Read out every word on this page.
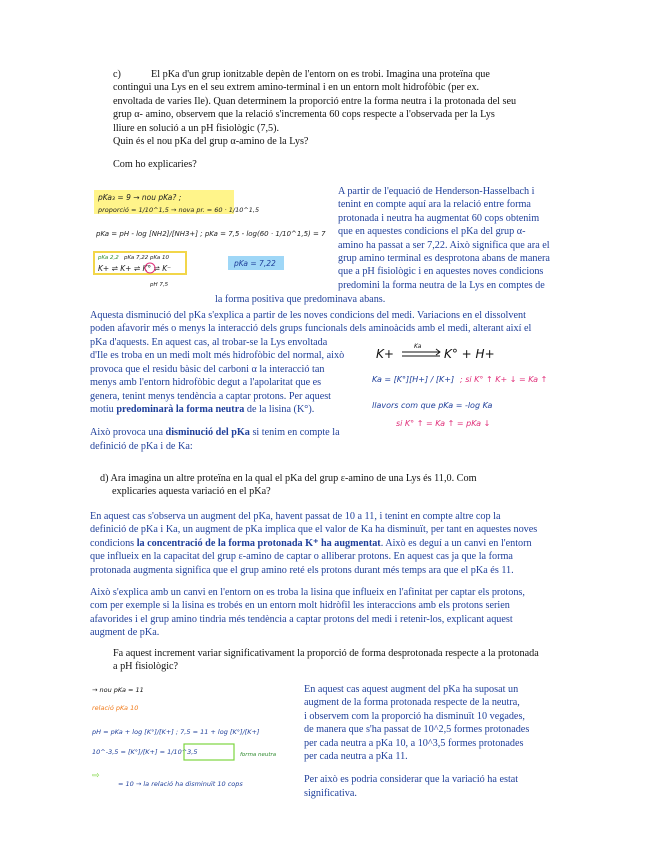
c)	El pKa d'un grup ionitzable depèn de l'entorn on es trobi. Imagina una proteïna que

contingui una Lys en el seu extrem amino-terminal i en un entorn molt hidrofòbic (per ex.

envoltada de varies Ile). Quan determinem la proporció entre la forma neutra i la protonada del seu

grup α- amino, observem que la relació s'incrementa 60 cops respecte a l'observada per la Lys

lliure en solució a un pH fisiològic (7,5).

Quin és el nou pKa del grup α-amino de la Lys?

Com ho explicaries?

pKa₃ = 9 → nou pKa? ;
proporció = 1/10^1,5 → nova pr. = 60 · 1/10^1,5
pKa = pH - log [NH2]/[NH3+] ; pKa = 7,5 - log(60 · 1/10^1,5) = 7
pKa 2,2 pKa 7,22 pKa 10
K+ ⇌ K+ ⇌ K° ⇌ K⁻
pH 7,5
pKa = 7,22

A partir de l'equació de Henderson-Hasselbach i

tenint en compte aquí ara la relació entre forma

protonada i neutra ha augmentat 60 cops obtenim

que en aquestes condicions el pKa del grup α-

amino ha passat a ser 7,22. Això significa que ara el

grup amino terminal es desprotona abans de manera

que a pH fisiològic i en aquestes noves condicions

predomini la forma neutra de la Lys en comptes de

la forma positiva que predominava abans.

Aquesta disminució del pKa s'explica a partir de les noves condicions del medi. Variacions en el dissolvent

poden afavorir més o menys la interacció dels grups funcionals dels aminoàcids amb el medi, alterant així el

pKa d'aquests. En aquest cas, al trobar-se la Lys envoltada

d'Ile es troba en un medi molt més hidrofòbic del normal, això

provoca que el residu bàsic del carboni α la interacció tan

menys amb l'entorn hidrofòbic degut a l'apolaritat que es

genera, tenint menys tendència a captar protons. Per aquest

motiu predominarà la forma neutra de la lisina (K°).

Això provoca una disminució del pKa si tenim en compte la

definició de pKa i de Ka:

K+
Ka
K° + H+
Ka = [K°][H+] / [K+] ; si K° ↑ K+ ↓ = Ka ↑
llavors com que pKa = -log Ka
si K° ↑ = Ka ↑ = pKa ↓

d) Ara imagina un altre proteïna en la qual el pKa del grup ε-amino de una Lys és 11,0. Com

explicaries aquesta variació en el pKa?

En aquest cas s'observa un augment del pKa, havent passat de 10 a 11, i tenint en compte altre cop la

definició de pKa i Ka, un augment de pKa implica que el valor de Ka ha disminuït, per tant en aquestes noves

condicions la concentració de la forma protonada K⁺ ha augmentat. Això es deguí a un canvi en l'entorn

que influeix en la capacitat del grup ε-amino de captar o alliberar protons. En aquest cas ja que la forma

protonada augmenta significa que el grup amino reté els protons durant més temps ara que el pKa és 11.

Això s'explica amb un canvi en l'entorn on es troba la lisina que influeix en l'afinitat per captar els protons,

com per exemple si la lisina es trobés en un entorn molt hidròfil les interaccions amb els protons serien

afavorides i el grup amino tindria més tendència a captar protons del medi i retenir-los, explicant aquest

augment de pKa.

Fa aquest increment variar significativament la proporció de forma desprotonada respecte a la protonada

a pH fisiològic?

→ nou pKa = 11
relació pKa 10
pH = pKa + log [K°]/[K+] ; 7,5 = 11 + log [K°]/[K+]
10^-3,5 = [K°]/[K+] = 1/10^3,5	forma neutra
⇨
= 10 → la relació ha disminuït 10 cops

En aquest cas aquest augment del pKa ha suposat un

augment de la forma protonada respecte de la neutra,

i observem com la proporció ha disminuït 10 vegades,

de manera que s'ha passat de 10^2,5 formes protonades

per cada neutra a pKa 10, a 10^3,5 formes protonades

per cada neutra a pKa 11.

Per això es podria considerar que la variació ha estat

significativa.
